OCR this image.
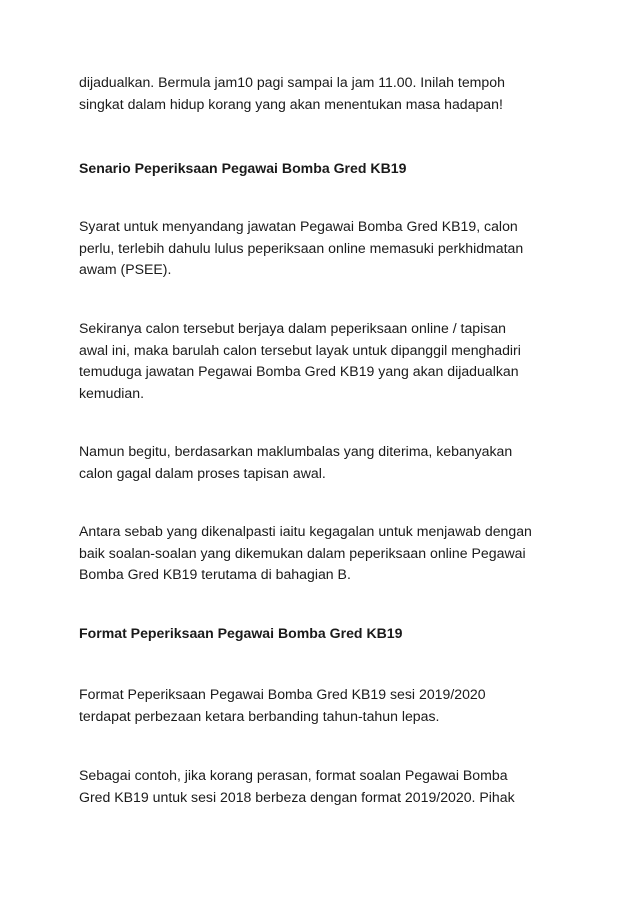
dijadualkan. Bermula jam10 pagi sampai la jam 11.00. Inilah tempoh
singkat dalam hidup korang yang akan menentukan masa hadapan!

Senario Peperiksaan Pegawai Bomba Gred KB19

Syarat untuk menyandang jawatan Pegawai Bomba Gred KB19, calon
perlu, terlebih dahulu lulus peperiksaan online memasuki perkhidmatan
awam (PSEE).

Sekiranya calon tersebut berjaya dalam peperiksaan online / tapisan
awal ini, maka barulah calon tersebut layak untuk dipanggil menghadiri
temuduga jawatan Pegawai Bomba Gred KB19 yang akan dijadualkan
kemudian.

Namun begitu, berdasarkan maklumbalas yang diterima, kebanyakan
calon gagal dalam proses tapisan awal.

Antara sebab yang dikenalpasti iaitu kegagalan untuk menjawab dengan
baik soalan-soalan yang dikemukan dalam peperiksaan online Pegawai
Bomba Gred KB19 terutama di bahagian B.

Format Peperiksaan Pegawai Bomba Gred KB19

Format Peperiksaan Pegawai Bomba Gred KB19 sesi 2019/2020
terdapat perbezaan ketara berbanding tahun-tahun lepas.

Sebagai contoh, jika korang perasan, format soalan Pegawai Bomba
Gred KB19 untuk sesi 2018 berbeza dengan format 2019/2020. Pihak
